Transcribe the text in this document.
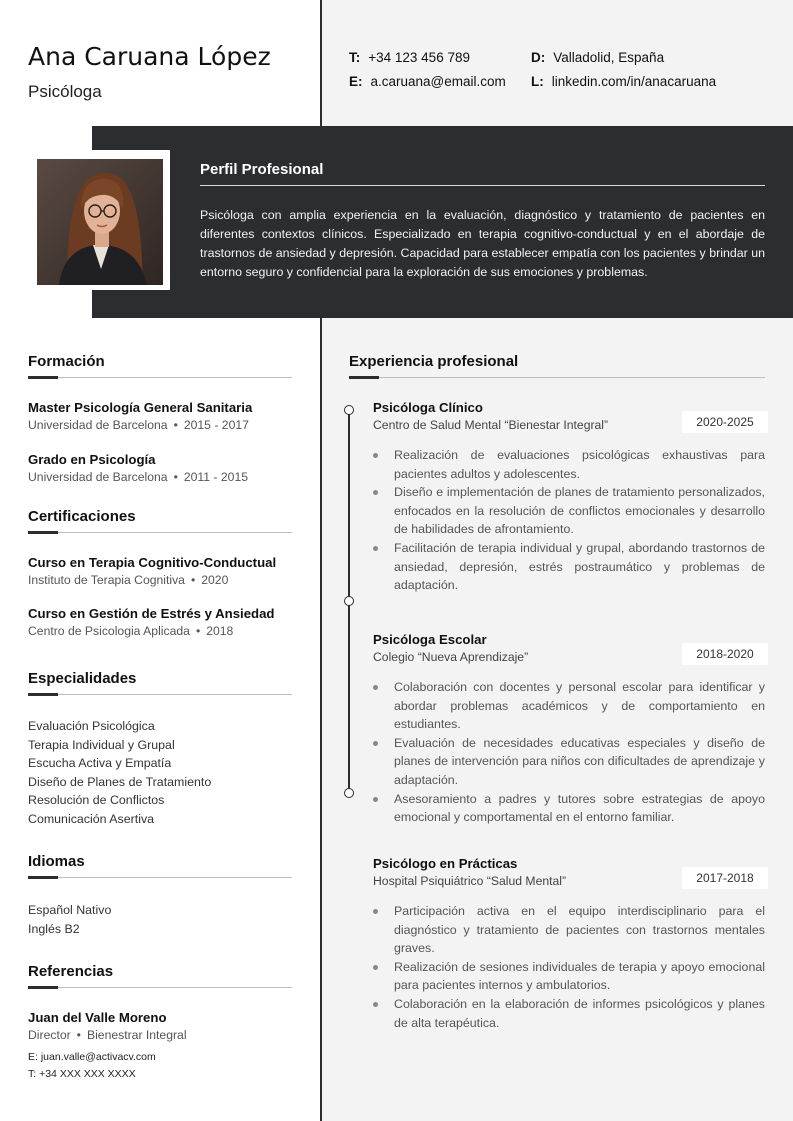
Ana Caruana López
Psicóloga
T: +34 123 456 789
E: a.caruana@email.com
D: Valladolid, España
L: linkedin.com/in/anacaruana
Perfil Profesional
Psicóloga con amplia experiencia en la evaluación, diagnóstico y tratamiento de pacientes en diferentes contextos clínicos. Especializado en terapia cognitivo-conductual y en el abordaje de trastornos de ansiedad y depresión. Capacidad para establecer empatía con los pacientes y brindar un entorno seguro y confidencial para la exploración de sus emociones y problemas.
Formación
Master Psicología General Sanitaria
Universidad de Barcelona • 2015 - 2017
Grado en Psicología
Universidad de Barcelona • 2011 - 2015
Certificaciones
Curso en Terapia Cognitivo-Conductual
Instituto de Terapia Cognitiva • 2020
Curso en Gestión de Estrés y Ansiedad
Centro de Psicologia Aplicada • 2018
Especialidades
Evaluación Psicológica
Terapia Individual y Grupal
Escucha Activa y Empatía
Diseño de Planes de Tratamiento
Resolución de Conflictos
Comunicación Asertiva
Idiomas
Español Nativo
Inglés B2
Referencias
Juan del Valle Moreno
Director • Bienestrar Integral
E: juan.valle@activacv.com
T: +34 XXX XXX XXXX
Experiencia profesional
Psicóloga Clínico
Centro de Salud Mental “Bienestar Integral”
Realización de evaluaciones psicológicas exhaustivas para pacientes adultos y adolescentes.
Diseño e implementación de planes de tratamiento personalizados, enfocados en la resolución de conflictos emocionales y desarrollo de habilidades de afrontamiento.
Facilitación de terapia individual y grupal, abordando trastornos de ansiedad, depresión, estrés postraumático y problemas de adaptación.
2020-2025
Psicóloga Escolar
Colegio “Nueva Aprendizaje”
Colaboración con docentes y personal escolar para identificar y abordar problemas académicos y de comportamiento en estudiantes.
Evaluación de necesidades educativas especiales y diseño de planes de intervención para niños con dificultades de aprendizaje y adaptación.
Asesoramiento a padres y tutores sobre estrategias de apoyo emocional y comportamental en el entorno familiar.
2018-2020
Psicólogo en Prácticas
Hospital Psiquiátrico “Salud Mental”
Participación activa en el equipo interdisciplinario para el diagnóstico y tratamiento de pacientes con trastornos mentales graves.
Realización de sesiones individuales de terapia y apoyo emocional para pacientes internos y ambulatorios.
Colaboración en la elaboración de informes psicológicos y planes de alta terapéutica.
2017-2018
